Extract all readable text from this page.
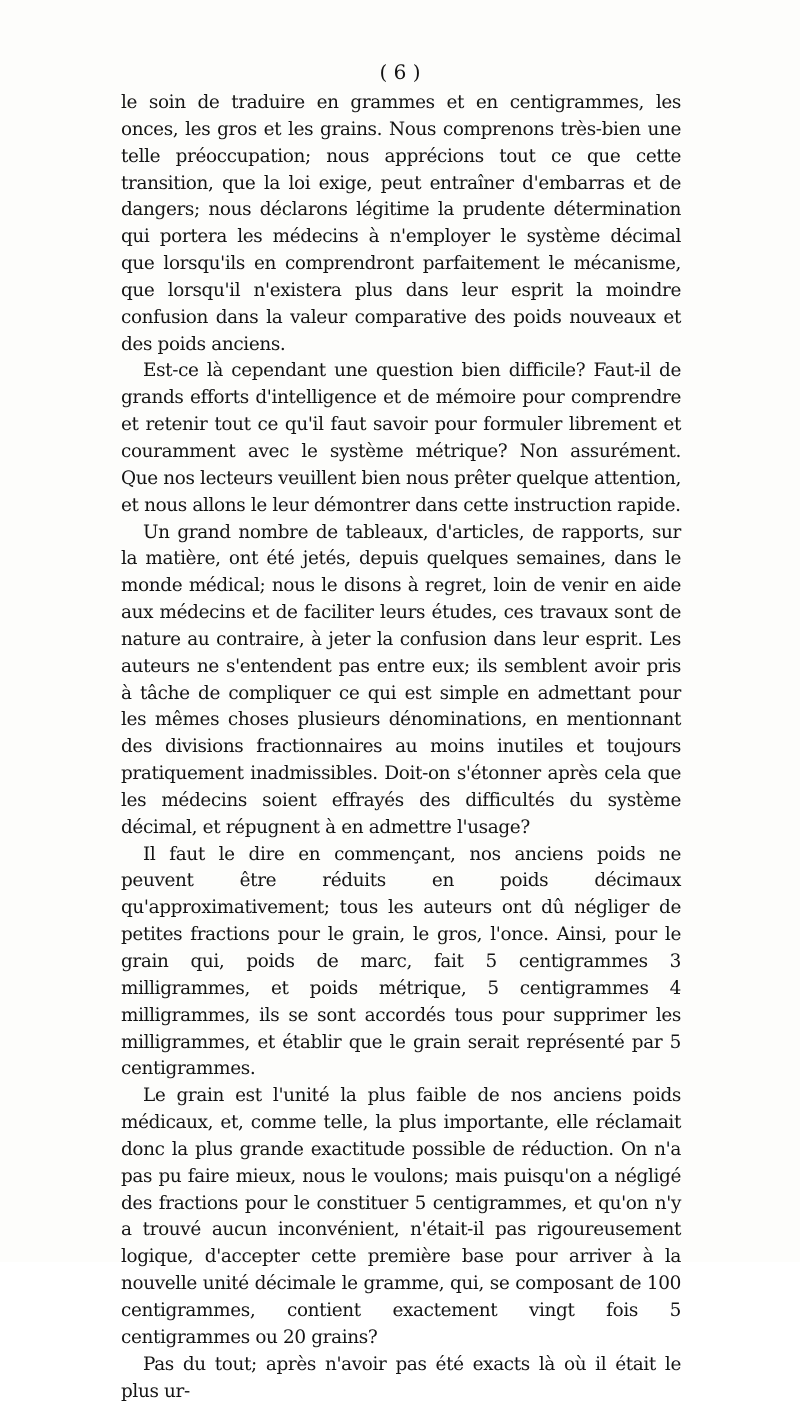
( 6 )

le soin de traduire en grammes et en centigrammes, les onces, les gros et les grains. Nous comprenons très-bien une telle préoccupation; nous apprécions tout ce que cette transition, que la loi exige, peut entraîner d'embarras et de dangers; nous déclarons légitime la prudente détermination qui portera les médecins à n'employer le système décimal que lorsqu'ils en comprendront parfaitement le mécanisme, que lorsqu'il n'existera plus dans leur esprit la moindre confusion dans la valeur comparative des poids nouveaux et des poids anciens.

Est-ce là cependant une question bien difficile? Faut-il de grands efforts d'intelligence et de mémoire pour comprendre et retenir tout ce qu'il faut savoir pour formuler librement et couramment avec le système métrique? Non assurément. Que nos lecteurs veuillent bien nous prêter quelque attention, et nous allons le leur démontrer dans cette instruction rapide.

Un grand nombre de tableaux, d'articles, de rapports, sur la matière, ont été jetés, depuis quelques semaines, dans le monde médical; nous le disons à regret, loin de venir en aide aux médecins et de faciliter leurs études, ces travaux sont de nature au contraire, à jeter la confusion dans leur esprit. Les auteurs ne s'entendent pas entre eux; ils semblent avoir pris à tâche de compliquer ce qui est simple en admettant pour les mêmes choses plusieurs dénominations, en mentionnant des divisions fractionnaires au moins inutiles et toujours pratiquement inadmissibles. Doit-on s'étonner après cela que les médecins soient effrayés des difficultés du système décimal, et répugnent à en admettre l'usage?

Il faut le dire en commençant, nos anciens poids ne peuvent être réduits en poids décimaux qu'approximativement; tous les auteurs ont dû négliger de petites fractions pour le grain, le gros, l'once. Ainsi, pour le grain qui, poids de marc, fait 5 centigrammes 3 milligrammes, et poids métrique, 5 centigrammes 4 milligrammes, ils se sont accordés tous pour supprimer les milligrammes, et établir que le grain serait représenté par 5 centigrammes.

Le grain est l'unité la plus faible de nos anciens poids médicaux, et, comme telle, la plus importante, elle réclamait donc la plus grande exactitude possible de réduction. On n'a pas pu faire mieux, nous le voulons; mais puisqu'on a négligé des fractions pour le constituer 5 centigrammes, et qu'on n'y a trouvé aucun inconvénient, n'était-il pas rigoureusement logique, d'accepter cette première base pour arriver à la nouvelle unité décimale le gramme, qui, se composant de 100 centigrammes, contient exactement vingt fois 5 centigrammes ou 20 grains?

Pas du tout; après n'avoir pas été exacts là où il était le plus ur-
